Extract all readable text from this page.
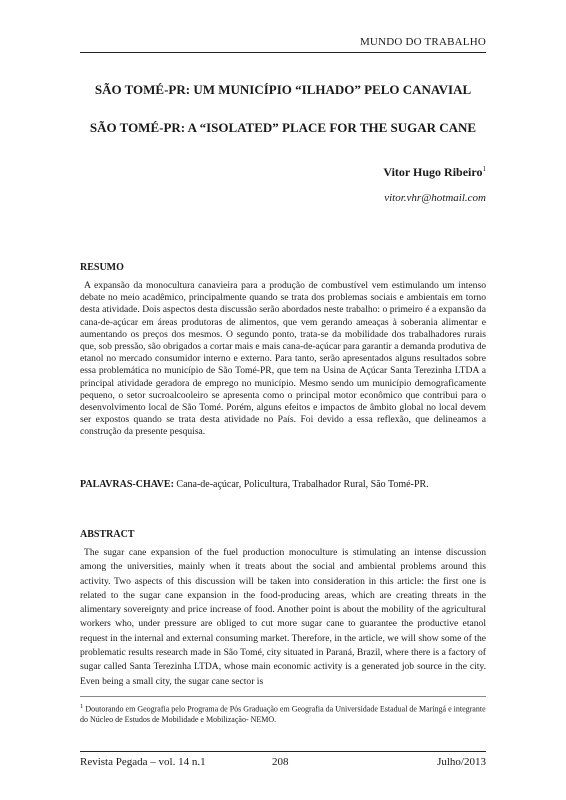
MUNDO DO TRABALHO
SÃO TOMÉ-PR: UM MUNICÍPIO “ILHADO” PELO CANAVIAL
SÃO TOMÉ-PR: A “ISOLATED” PLACE FOR THE SUGAR CANE
Vitor Hugo Ribeiro$^1$
vitor.vhr@hotmail.com
RESUMO
A expansão da monocultura canavieira para a produção de combustível vem estimulando um intenso debate no meio acadêmico, principalmente quando se trata dos problemas sociais e ambientais em torno desta atividade. Dois aspectos desta discussão serão abordados neste trabalho: o primeiro é a expansão da cana-de-açúcar em áreas produtoras de alimentos, que vem gerando ameaças à soberania alimentar e aumentando os preços dos mesmos. O segundo ponto, trata-se da mobilidade dos trabalhadores rurais que, sob pressão, são obrigados a cortar mais e mais cana-de-açúcar para garantir a demanda produtiva de etanol no mercado consumidor interno e externo. Para tanto, serão apresentados alguns resultados sobre essa problemática no município de São Tomé-PR, que tem na Usina de Açúcar Santa Terezinha LTDA a principal atividade geradora de emprego no município. Mesmo sendo um município demograficamente pequeno, o setor sucroalcooleiro se apresenta como o principal motor econômico que contribui para o desenvolvimento local de São Tomé. Porém, alguns efeitos e impactos de âmbito global no local devem ser expostos quando se trata desta atividade no País. Foi devido a essa reflexão, que delineamos a construção da presente pesquisa.
PALAVRAS-CHAVE: Cana-de-açúcar, Policultura, Trabalhador Rural, São Tomé-PR.
ABSTRACT
The sugar cane expansion of the fuel production monoculture is stimulating an intense discussion among the universities, mainly when it treats about the social and ambiental problems around this activity. Two aspects of this discussion will be taken into consideration in this article: the first one is related to the sugar cane expansion in the food-producing areas, which are creating threats in the alimentary sovereignty and price increase of food. Another point is about the mobility of the agricultural workers who, under pressure are obliged to cut more sugar cane to guarantee the productive etanol request in the internal and external consuming market. Therefore, in the article, we will show some of the problematic results research made in São Tomé, city situated in Paraná, Brazil, where there is a factory of sugar called Santa Terezinha LTDA, whose main economic activity is a generated job source in the city. Even being a small city, the sugar cane sector is
$^1$ Doutorando em Geografia pelo Programa de Pós Graduação em Geografia da Universidade Estadual de Maringá e integrante do Núcleo de Estudos de Mobilidade e Mobilização- NEMO.
Revista Pegada – vol. 14 n.1	208	Julho/2013
